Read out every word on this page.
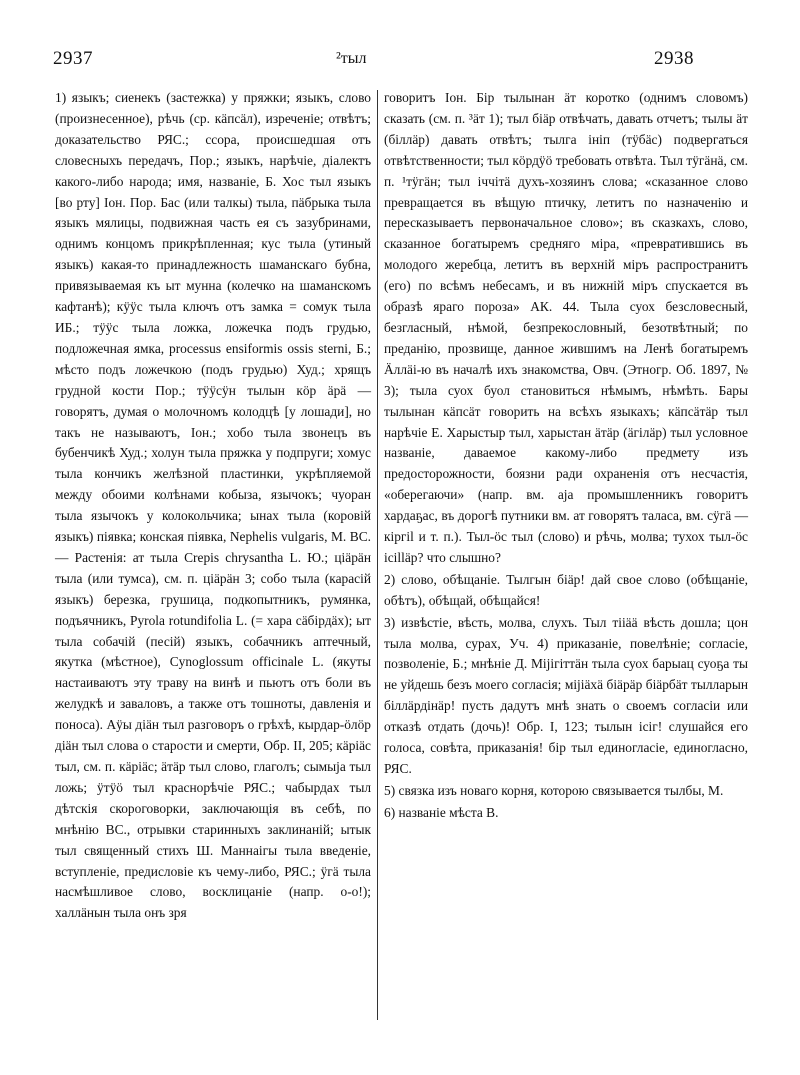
2937	²тыл	2938

1) языкъ; сиенекъ (застежка) у пряжки; языкъ, слово (произнесенное), рѣчь (ср. кäпсäл), изреченіе; отвѣтъ; доказательство РЯС.; ссора, происшедшая отъ словесныхъ передачъ, Пор.; языкъ, нарѣчіе, діалектъ какого-либо народа; имя, названіе, Б. Хос тыл языкъ [во рту] Іон. Пор. Бас (или талкы) тыла, пäбрыка тыла языкъ мялицы, подвижная часть ея съ зазубринами, однимъ концомъ прикрѣпленная; кус тыла (утиный языкъ) какая-то принадлежность шаманскаго бубна, привязываемая къ ыт мунна (колечко на шаманскомъ кафтанѣ); кÿÿс тыла ключъ отъ замка = сомук тыла ИБ.; тÿÿс тыла ложка, ложечка подъ грудью, подложечная ямка, processus ensiformis ossis sterni, Б.; мѣсто подъ ложечкою (подъ грудью) Худ.; хрящъ грудной кости Пор.; тÿÿсÿн тылын кöр äрä — говорятъ, думая о молочномъ колодцѣ [у лошади], но такъ не называютъ, Іон.; хобо тыла звонецъ въ бубенчикѣ Худ.; холун тыла пряжка у подпруги; хомус тыла кончикъ желѣзной пластинки, укрѣпляемой между обоими колѣнами кобыза, язычокъ; чуоран тыла язычокъ у колокольчика; ынах тыла (коровій языкъ) пiявка; конская пiявка, Nephelis vulgaris, М. ВС. — Растенія: ат тыла Crepis chrysantha L. Ю.; ціäрäн тыла (или тумса), см. п. ціäрäн 3; собо тыла (карасій языкъ) березка, грушица, подкопытникъ, румянка, подъячникъ, Pyrola rotundifolia L. (= хара сäбірдäх); ыт тыла собачій (песій) языкъ, собачникъ аптечный, якутка (мѣстное), Cynoglossum officinale L. (якуты настаиваютъ эту траву на винѣ и пьютъ отъ боли въ желудкѣ и заваловъ, а также отъ тошноты, давленія и поноса). Аÿы діäн тыл разговоръ о грѣхѣ, кырдар-öлöр діäн тыл слова о старости и смерти, Обр. II, 205; кäрiäс тыл, см. п. кäрiäс; äтäр тыл слово, глаголъ; сымыја тыл ложь; ÿтÿö тыл краснорѣчіе РЯС.; чабырдах тыл дѣтскія скороговорки, заключающія въ себѣ, по мнѣнію ВС., отрывки старинныхъ заклинаній; ытык тыл священный стихъ Ш. Маннаігы тыла введеніе, вступленіе, предисловіе къ чему-либо, РЯС.; ÿгä тыла насмѣшливое слово, восклицаніе (напр. о-о!); халлäнын тыла онъ зря

говоритъ Іон. Бір тылынан äт коротко (однимъ словомъ) сказать (см. п. ³äт 1); тыл біäр отвѣчать, давать отчетъ; тылы äт (біллäр) давать отвѣтъ; тылга ініп (тÿбäс) подвергаться отвѣтственности; тыл кöрдÿö требовать отвѣта. Тыл тÿгäнä, см. п. ¹тÿгäн; тыл іччітä духъ-хозяинъ слова; «сказанное слово превращается въ вѣщую птичку, летитъ по назначенію и пересказываетъ первоначальное слово»; въ сказкахъ, слово, сказанное богатыремъ средняго міра, «превратившись въ молодого жеребца, летитъ въ верхній міръ распространитъ (его) по всѣмъ небесамъ, и въ нижній міръ спускается въ образѣ яраго пороза» АК. 44. Тыла суох безсловесный, безгласный, нѣмой, безпрекословный, безотвѣтный; по преданію, прозвище, данное жившимъ на Ленѣ богатыремъ Äллäі-ю въ началѣ ихъ знакомства, Овч. (Этногр. Об. 1897, № 3); тыла суох буол становиться нѣмымъ, нѣмѣть. Бары тылынан кäпсäт говорить на всѣхъ языкахъ; кäпсäтäр тыл нарѣчіе Е. Харыстыр тыл, харыстан äтäр (äгiлäр) тыл условное названіе, даваемое какому-либо предмету изъ предосторожности, боязни ради охраненія отъ несчастія, «оберегаючи» (напр. вм. аја промышленникъ говоритъ хардаҕас, въ дорогѣ путники вм. ат говорятъ таласа, вм. сÿгä — кіргіl и т. п.). Тыл-öс тыл (слово) и рѣчь, молва; тухох тыл-öс icilläp? что слышно?

2) слово, обѣщаніе. Тылгын біäр! дай свое слово (обѣщаніе, обѣтъ), обѣщай, обѣщайся!

3) извѣстіе, вѣсть, молва, слухъ. Тыл тііää вѣсть дошла; цон тыла молва, сурах, Уч. 4) приказаніе, повелѣніе; согласіе, позволеніе, Б.; мнѣніе Д. Міјігіттäн тыла суох барыац суоҕа ты не уйдешь безъ моего согласія; міјіäхä біäрäр біäрбäт тылларын біллäрдiнäр! пусть дадутъ мнѣ знать о своемъ согласіи или отказѣ отдать (дочь)! Обр. I, 123; тылын ісіг! слушайся его голоса, совѣта, приказанія! біp тыл единогласіе, единогласно, РЯС.

5) связка изъ новаго корня, которою связывается тылбы, М.

6) названіе мѣста В.
